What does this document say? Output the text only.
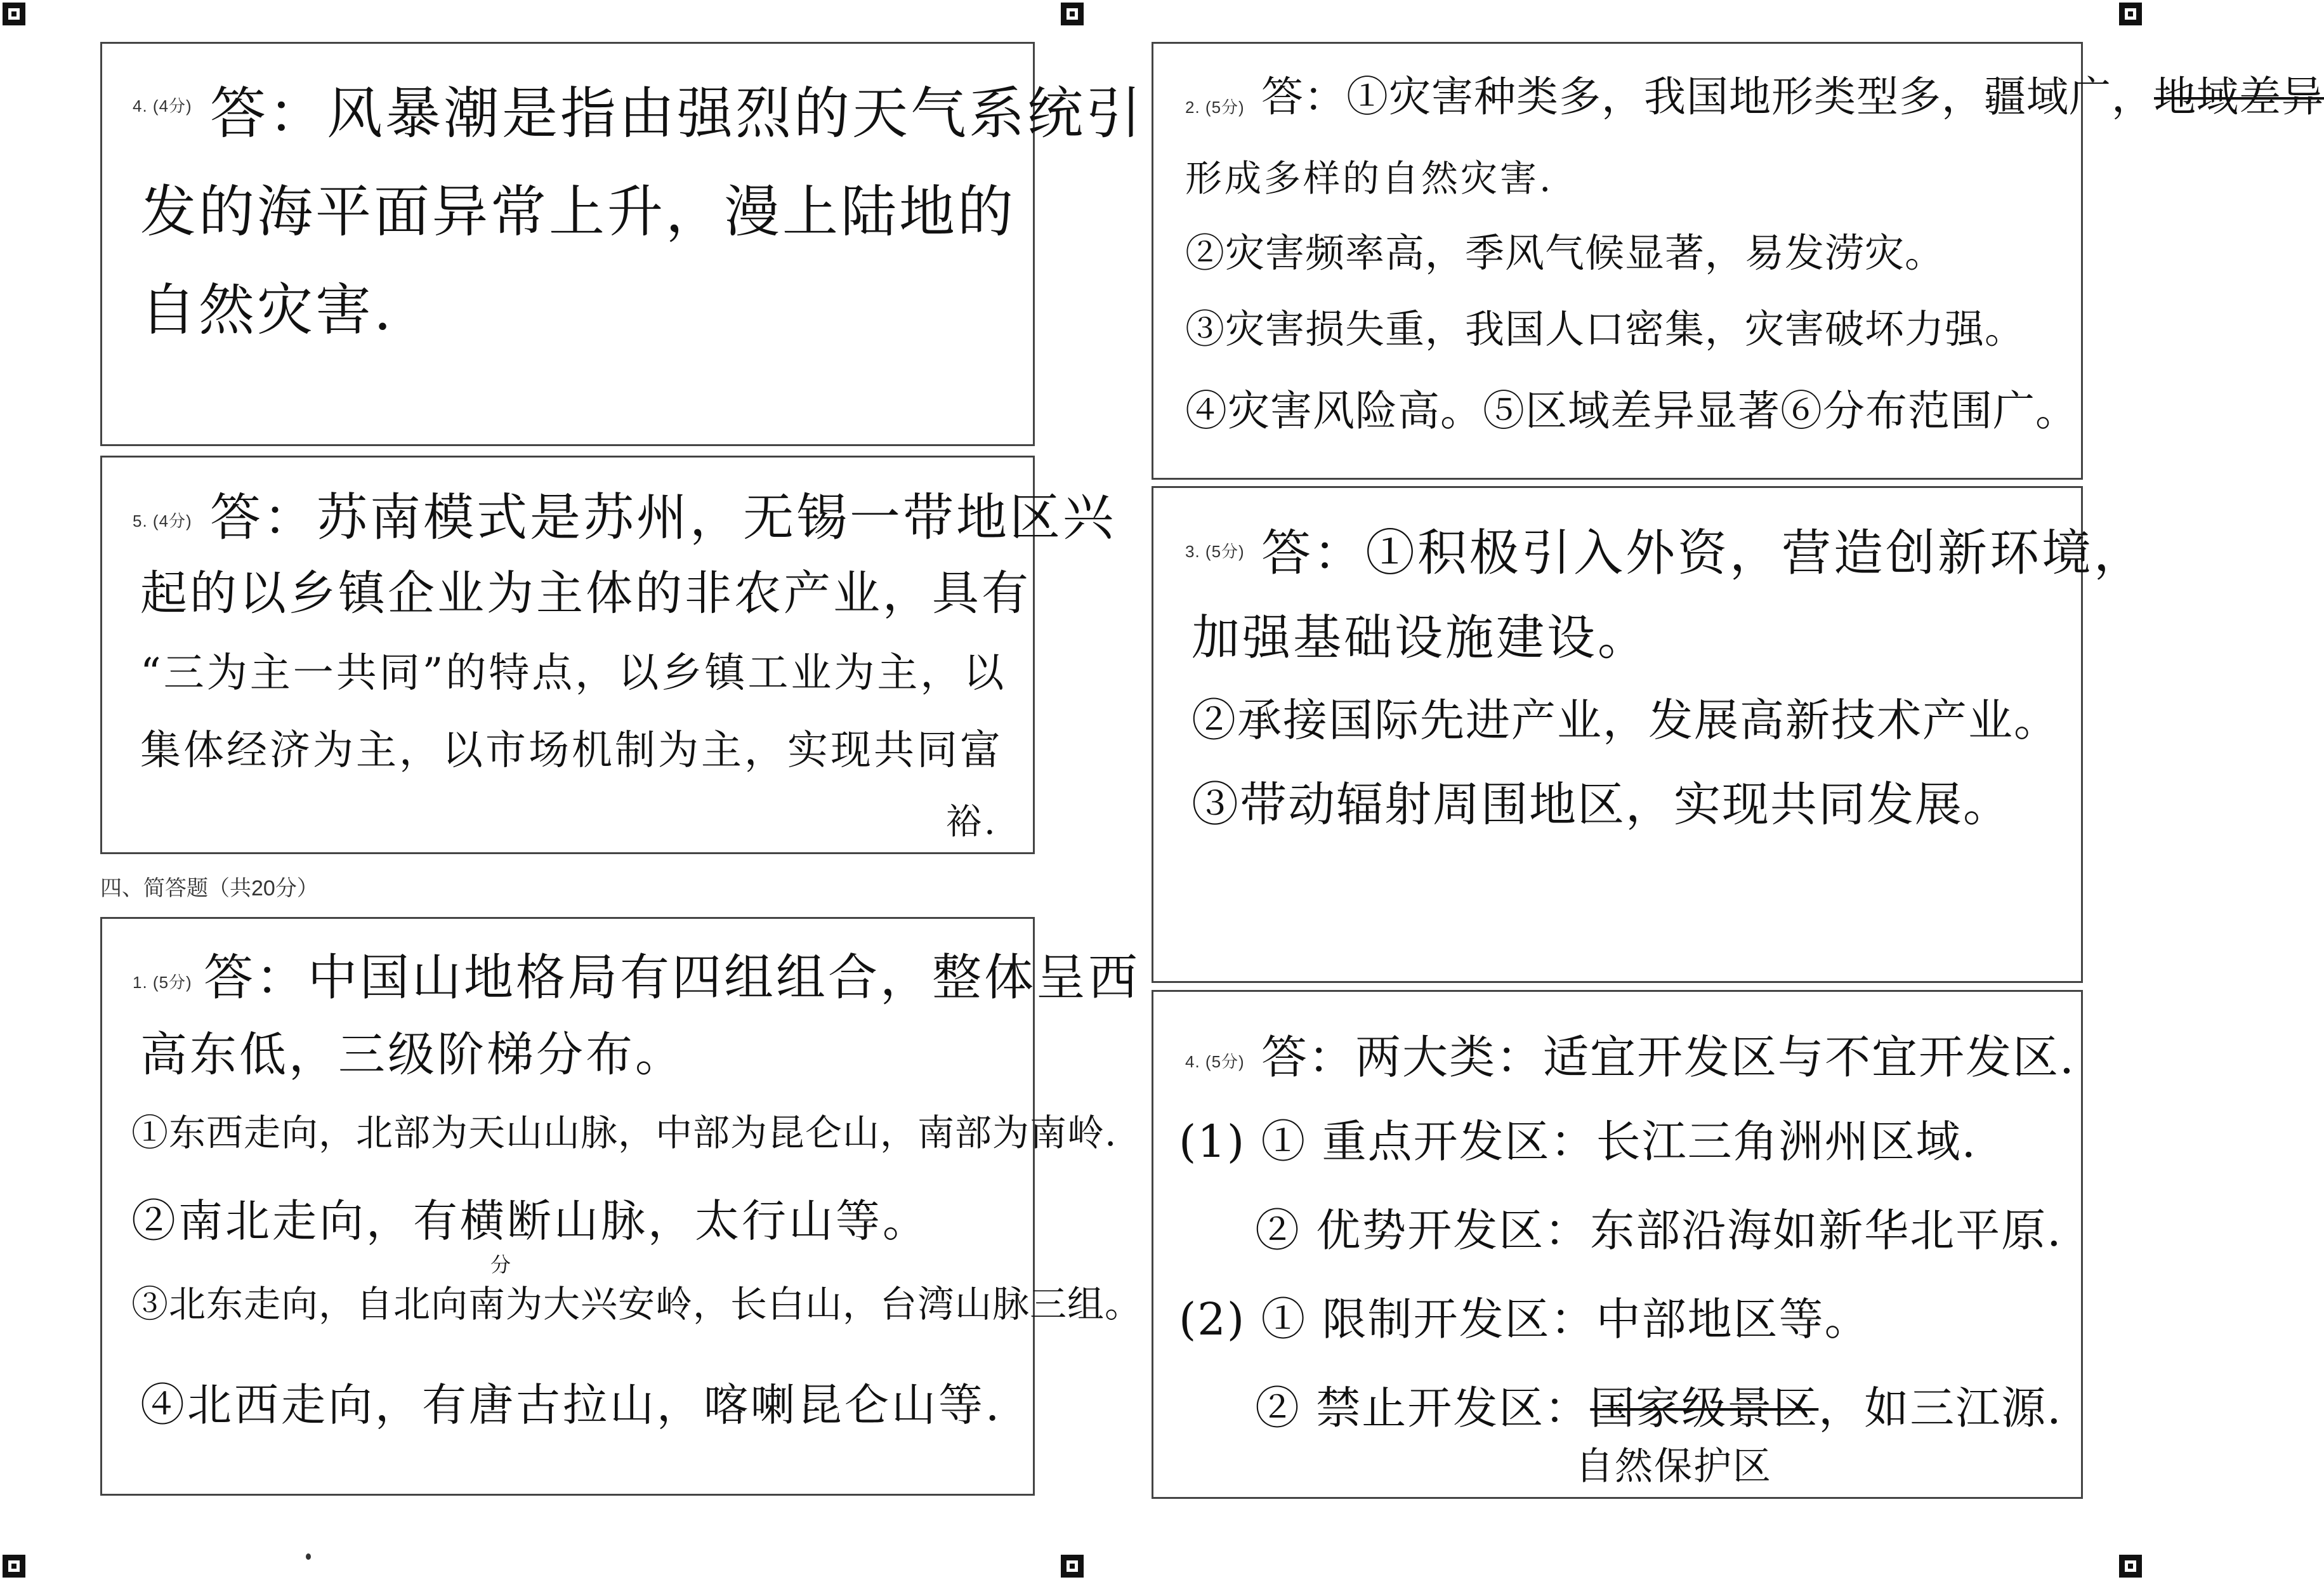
4. (4分) 答：风暴潮是指由强烈的天气系统引
发的海平面异常上升，漫上陆地的
自然灾害.
5. (4分) 答：苏南模式是苏州，无锡一带地区兴
起的以乡镇企业为主体的非农产业，具有
“三为主一共同”的特点，以乡镇工业为主，以
集体经济为主，以市场机制为主，实现共同富
裕.
四、简答题（共20分）
1. (5分) 答：中国山地格局有四组组合，整体呈西
高东低，三级阶梯分布。
①东西走向，北部为天山山脉，中部为昆仑山，南部为南岭.
②南北走向，有横断山脉，太行山等。
分
③北东走向，自北向南为大兴安岭，长白山，台湾山脉三组。
④北西走向，有唐古拉山，喀喇昆仑山等.
2. (5分) 答：①灾害种类多，我国地形类型多，疆域广，地域差异
形成多样的自然灾害.
②灾害频率高，季风气候显著，易发涝灾。
③灾害损失重，我国人口密集，灾害破坏力强。
④灾害风险高。⑤区域差异显著⑥分布范围广。
3. (5分) 答：①积极引入外资，营造创新环境，
加强基础设施建设。
②承接国际先进产业，发展高新技术产业。
③带动辐射周围地区，实现共同发展。
4. (5分) 答：两大类：适宜开发区与不宜开发区.
(1) ① 重点开发区：长江三角洲州区域.
② 优势开发区：东部沿海如新华北平原.
(2) ① 限制开发区：中部地区等。
② 禁止开发区：国家级景区，如三江源.
自然保护区
